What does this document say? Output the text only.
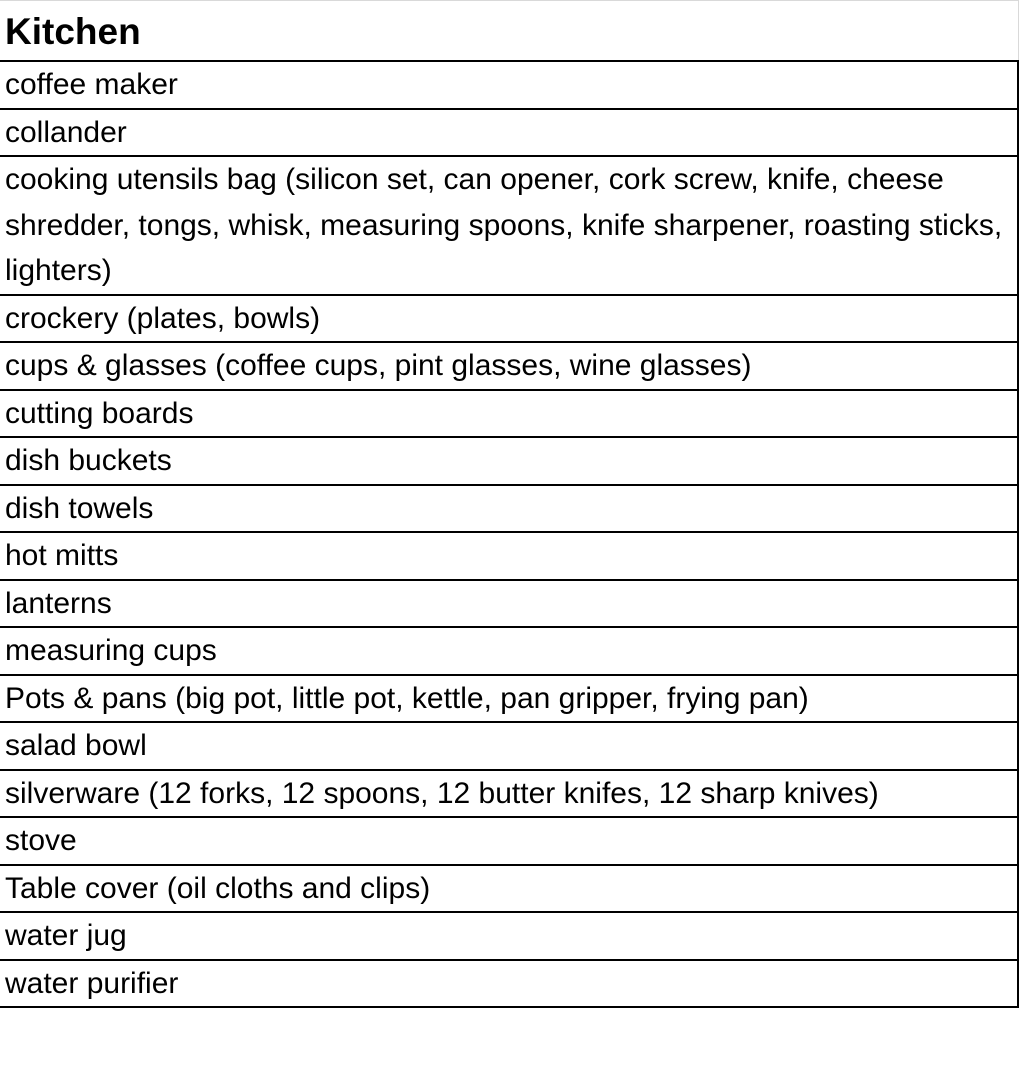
Kitchen
coffee maker
collander
cooking utensils bag (silicon set, can opener, cork screw, knife, cheese shredder, tongs, whisk, measuring spoons, knife sharpener, roasting sticks, lighters)
crockery (plates, bowls)
cups & glasses (coffee cups, pint glasses, wine glasses)
cutting boards
dish buckets
dish towels
hot mitts
lanterns
measuring cups
Pots & pans (big pot, little pot, kettle, pan gripper, frying pan)
salad bowl
silverware (12 forks, 12 spoons, 12 butter knifes, 12 sharp knives)
stove
Table cover (oil cloths and clips)
water jug
water purifier
